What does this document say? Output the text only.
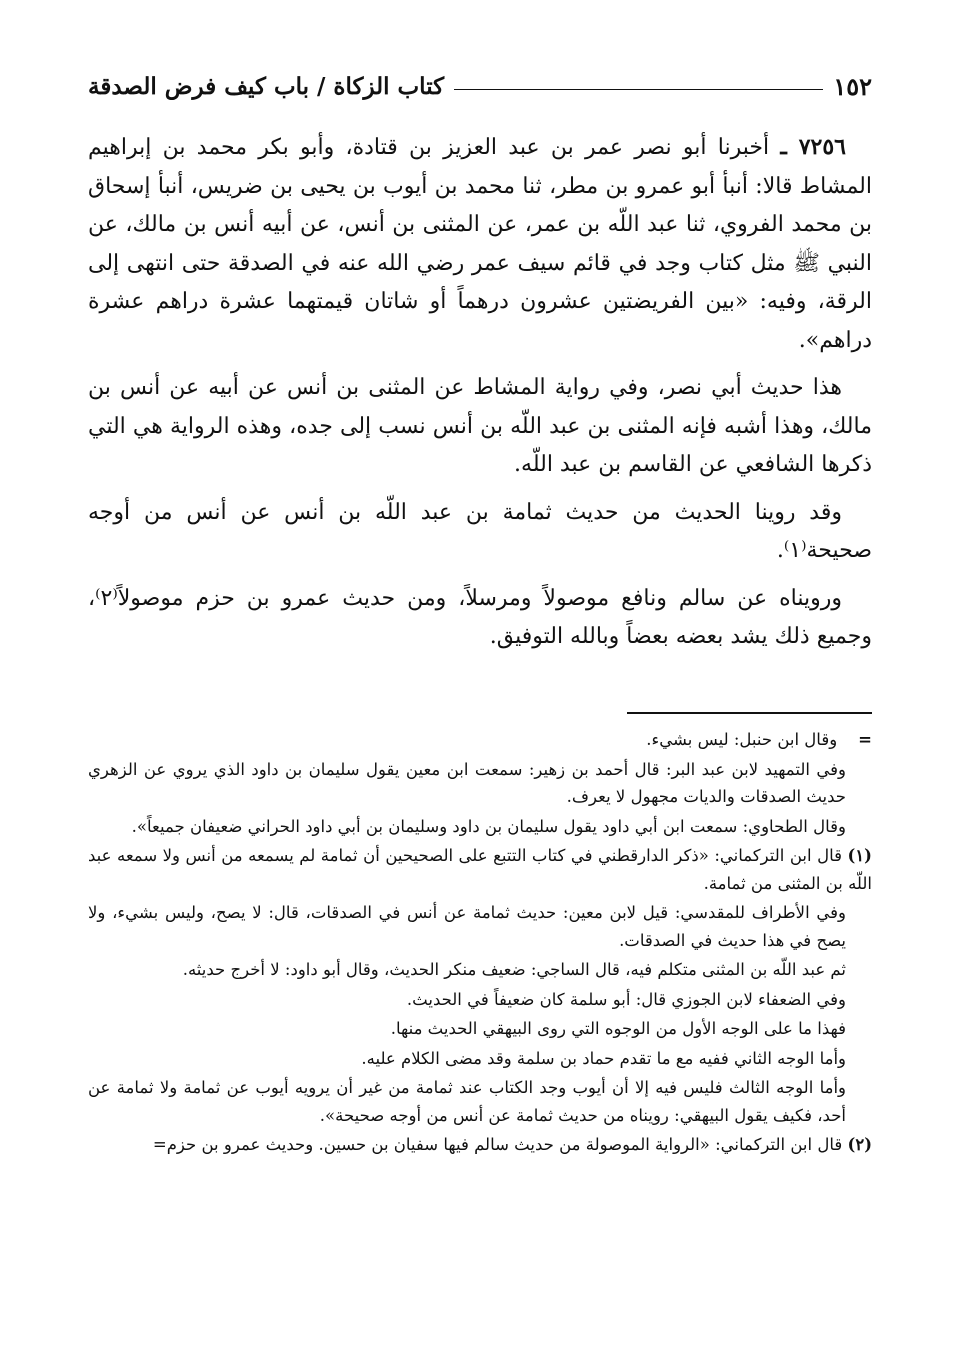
١٥٢
كتاب الزكاة / باب كيف فرض الصدقة

٧٢٥٦ ـ أخبرنا أبو نصر عمر بن عبد العزيز بن قتادة، وأبو بكر محمد بن إبراهيم المشاط قالا: أنبأ أبو عمرو بن مطر، ثنا محمد بن أيوب بن يحيى بن ضريس، أنبأ إسحاق بن محمد الفروي، ثنا عبد اللّه بن عمر، عن المثنى بن أنس، عن أبيه أنس بن مالك، عن النبي ﷺ مثل كتاب وجد في قائم سيف عمر رضي الله عنه في الصدقة حتى انتهى إلى الرقة، وفيه: «بين الفريضتين عشرون درهماً أو شاتان قيمتهما عشرة دراهم عشرة دراهم».

هذا حديث أبي نصر، وفي رواية المشاط عن المثنى بن أنس عن أبيه عن أنس بن مالك، وهذا أشبه فإنه المثنى بن عبد اللّه بن أنس نسب إلى جده، وهذه الرواية هي التي ذكرها الشافعي عن القاسم بن عبد اللّه.

وقد روينا الحديث من حديث ثمامة بن عبد اللّه بن أنس عن أنس من أوجه صحيحة⁽١⁾.

ورويناه عن سالم ونافع موصولاً ومرسلاً، ومن حديث عمرو بن حزم موصولاً⁽٢⁾، وجميع ذلك يشد بعضه بعضاً وبالله التوفيق.

=    وقال ابن حنبل: ليس بشيء.

وفي التمهيد لابن عبد البر: قال أحمد بن زهير: سمعت ابن معين يقول سليمان بن داود الذي يروي عن الزهري حديث الصدقات والديات مجهول لا يعرف.

وقال الطحاوي: سمعت ابن أبي داود يقول سليمان بن داود وسليمان بن أبي داود الحراني ضعيفان جميعاً».

(١) قال ابن التركماني: «ذكر الدارقطني في كتاب التتبع على الصحيحين أن ثمامة لم يسمعه من أنس ولا سمعه عبد اللّه بن المثنى من ثمامة.

وفي الأطراف للمقدسي: قيل لابن معين: حديث ثمامة عن أنس في الصدقات، قال: لا يصح، وليس بشيء، ولا يصح في هذا حديث في الصدقات.

ثم عبد اللّه بن المثنى متكلم فيه، قال الساجي: ضعيف منكر الحديث، وقال أبو داود: لا أخرج حديثه.

وفي الضعفاء لابن الجوزي قال: أبو سلمة كان ضعيفاً في الحديث.

فهذا ما على الوجه الأول من الوجوه التي روى البيهقي الحديث منها.

وأما الوجه الثاني ففيه مع ما تقدم حماد بن سلمة وقد مضى الكلام عليه.

وأما الوجه الثالث فليس فيه إلا أن أيوب وجد الكتاب عند ثمامة من غير أن يرويه أيوب عن ثمامة ولا ثمامة عن أحد، فكيف يقول البيهقي: رويناه من حديث ثمامة عن أنس من أوجه صحيحة».

(٢) قال ابن التركماني: «الرواية الموصولة من حديث سالم فيها سفيان بن حسين. وحديث عمرو بن حزم=
